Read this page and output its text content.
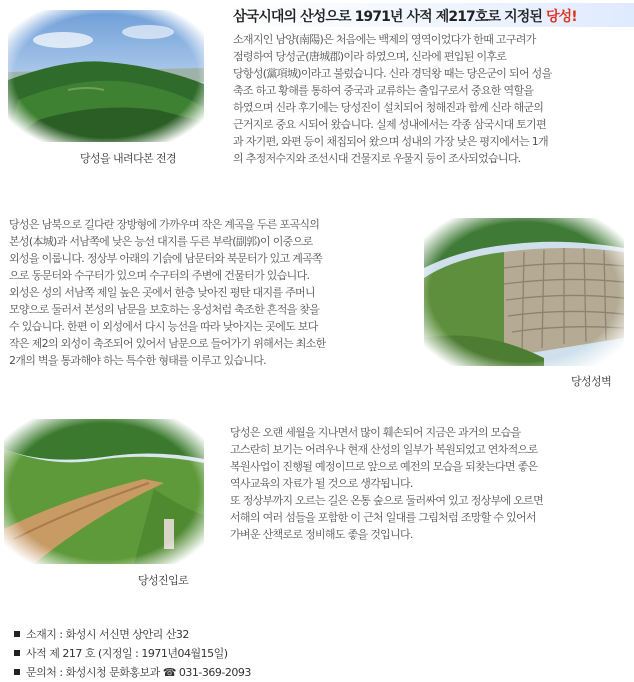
삼국시대의 산성으로 1971년 사적 제217호로 지정된 당성!
당성을 내려다본 전경

소재지인 남양(南陽)은 처음에는 백제의 영역이었다가 한때 고구려가

점령하여 당성군(唐城郡)이라 하였으며, 신라에 편입된 이후로

당항성(黨項城)이라고 불렀습니다. 신라 경덕왕 때는 당은군이 되어 성을

축조 하고 황해를 통하여 중국과 교류하는 출입구로서 중요한 역할을

하였으며 신라 후기에는 당성진이 설치되어 청해진과 함께 신라 해군의

근거지로 중요 시되어 왔습니다. 실제 성내에서는 각종 삼국시대 토기편

과 자기편, 와편 등이 채집되어 왔으며 성내의 가장 낮은 평지에서는 1개

의 추정저수지와 조선시대 건물지로 우물지 등이 조사되었습니다.

당성은 남북으로 길다란 장방형에 가까우며 작은 계곡을 두른 포곡식의

본성(本城)과 서남쪽에 낮은 능선 대지를 두른 부락(副郭)이 이중으로

외성을 이룹니다. 정상부 아래의 기슭에 남문터와 북문터가 있고 계곡쪽

으로 동문터와 수구터가 있으며 수구터의 주변에 건물터가 있습니다.

외성은 성의 서남쪽 제일 높은 곳에서 한층 낮아진 평탄 대지를 주머니

모양으로 둘러서 본성의 남문을 보호하는 옹성처럼 축조한 흔적을 찾을

수 있습니다. 한편 이 외성에서 다시 능선을 따라 낮아지는 곳에도 보다

작은 제2의 외성이 축조되어 있어서 남문으로 들어가기 위해서는 최소한

2개의 벽을 통과해야 하는 특수한 형태를 이루고 있습니다.

당성성벽
당성진입로

당성은 오랜 세월을 지나면서 많이 훼손되어 지금은 과거의 모습을

고스란히 보기는 어려우나 현재 산성의 일부가 복원되었고 연차적으로

복원사업이 진행될 예정이므로 앞으로 예전의 모습을 되찾는다면 좋은

역사교육의 자료가 될 것으로 생각됩니다.

또 정상부까지 오르는 길은 온통 숲으로 둘러싸여 있고 정상부에 오르면

서해의 여러 섬들을 포함한 이 근처 일대를 그림처럼 조망할 수 있어서

가벼운 산책로로 정비해도 좋을 것입니다.

소재지 : 화성시 서신면 상안리 산32
사적 제 217 호 (지정일 : 1971년04월15일)
문의처 : 화성시청 문화홍보과 ☎ 031-369-2093
